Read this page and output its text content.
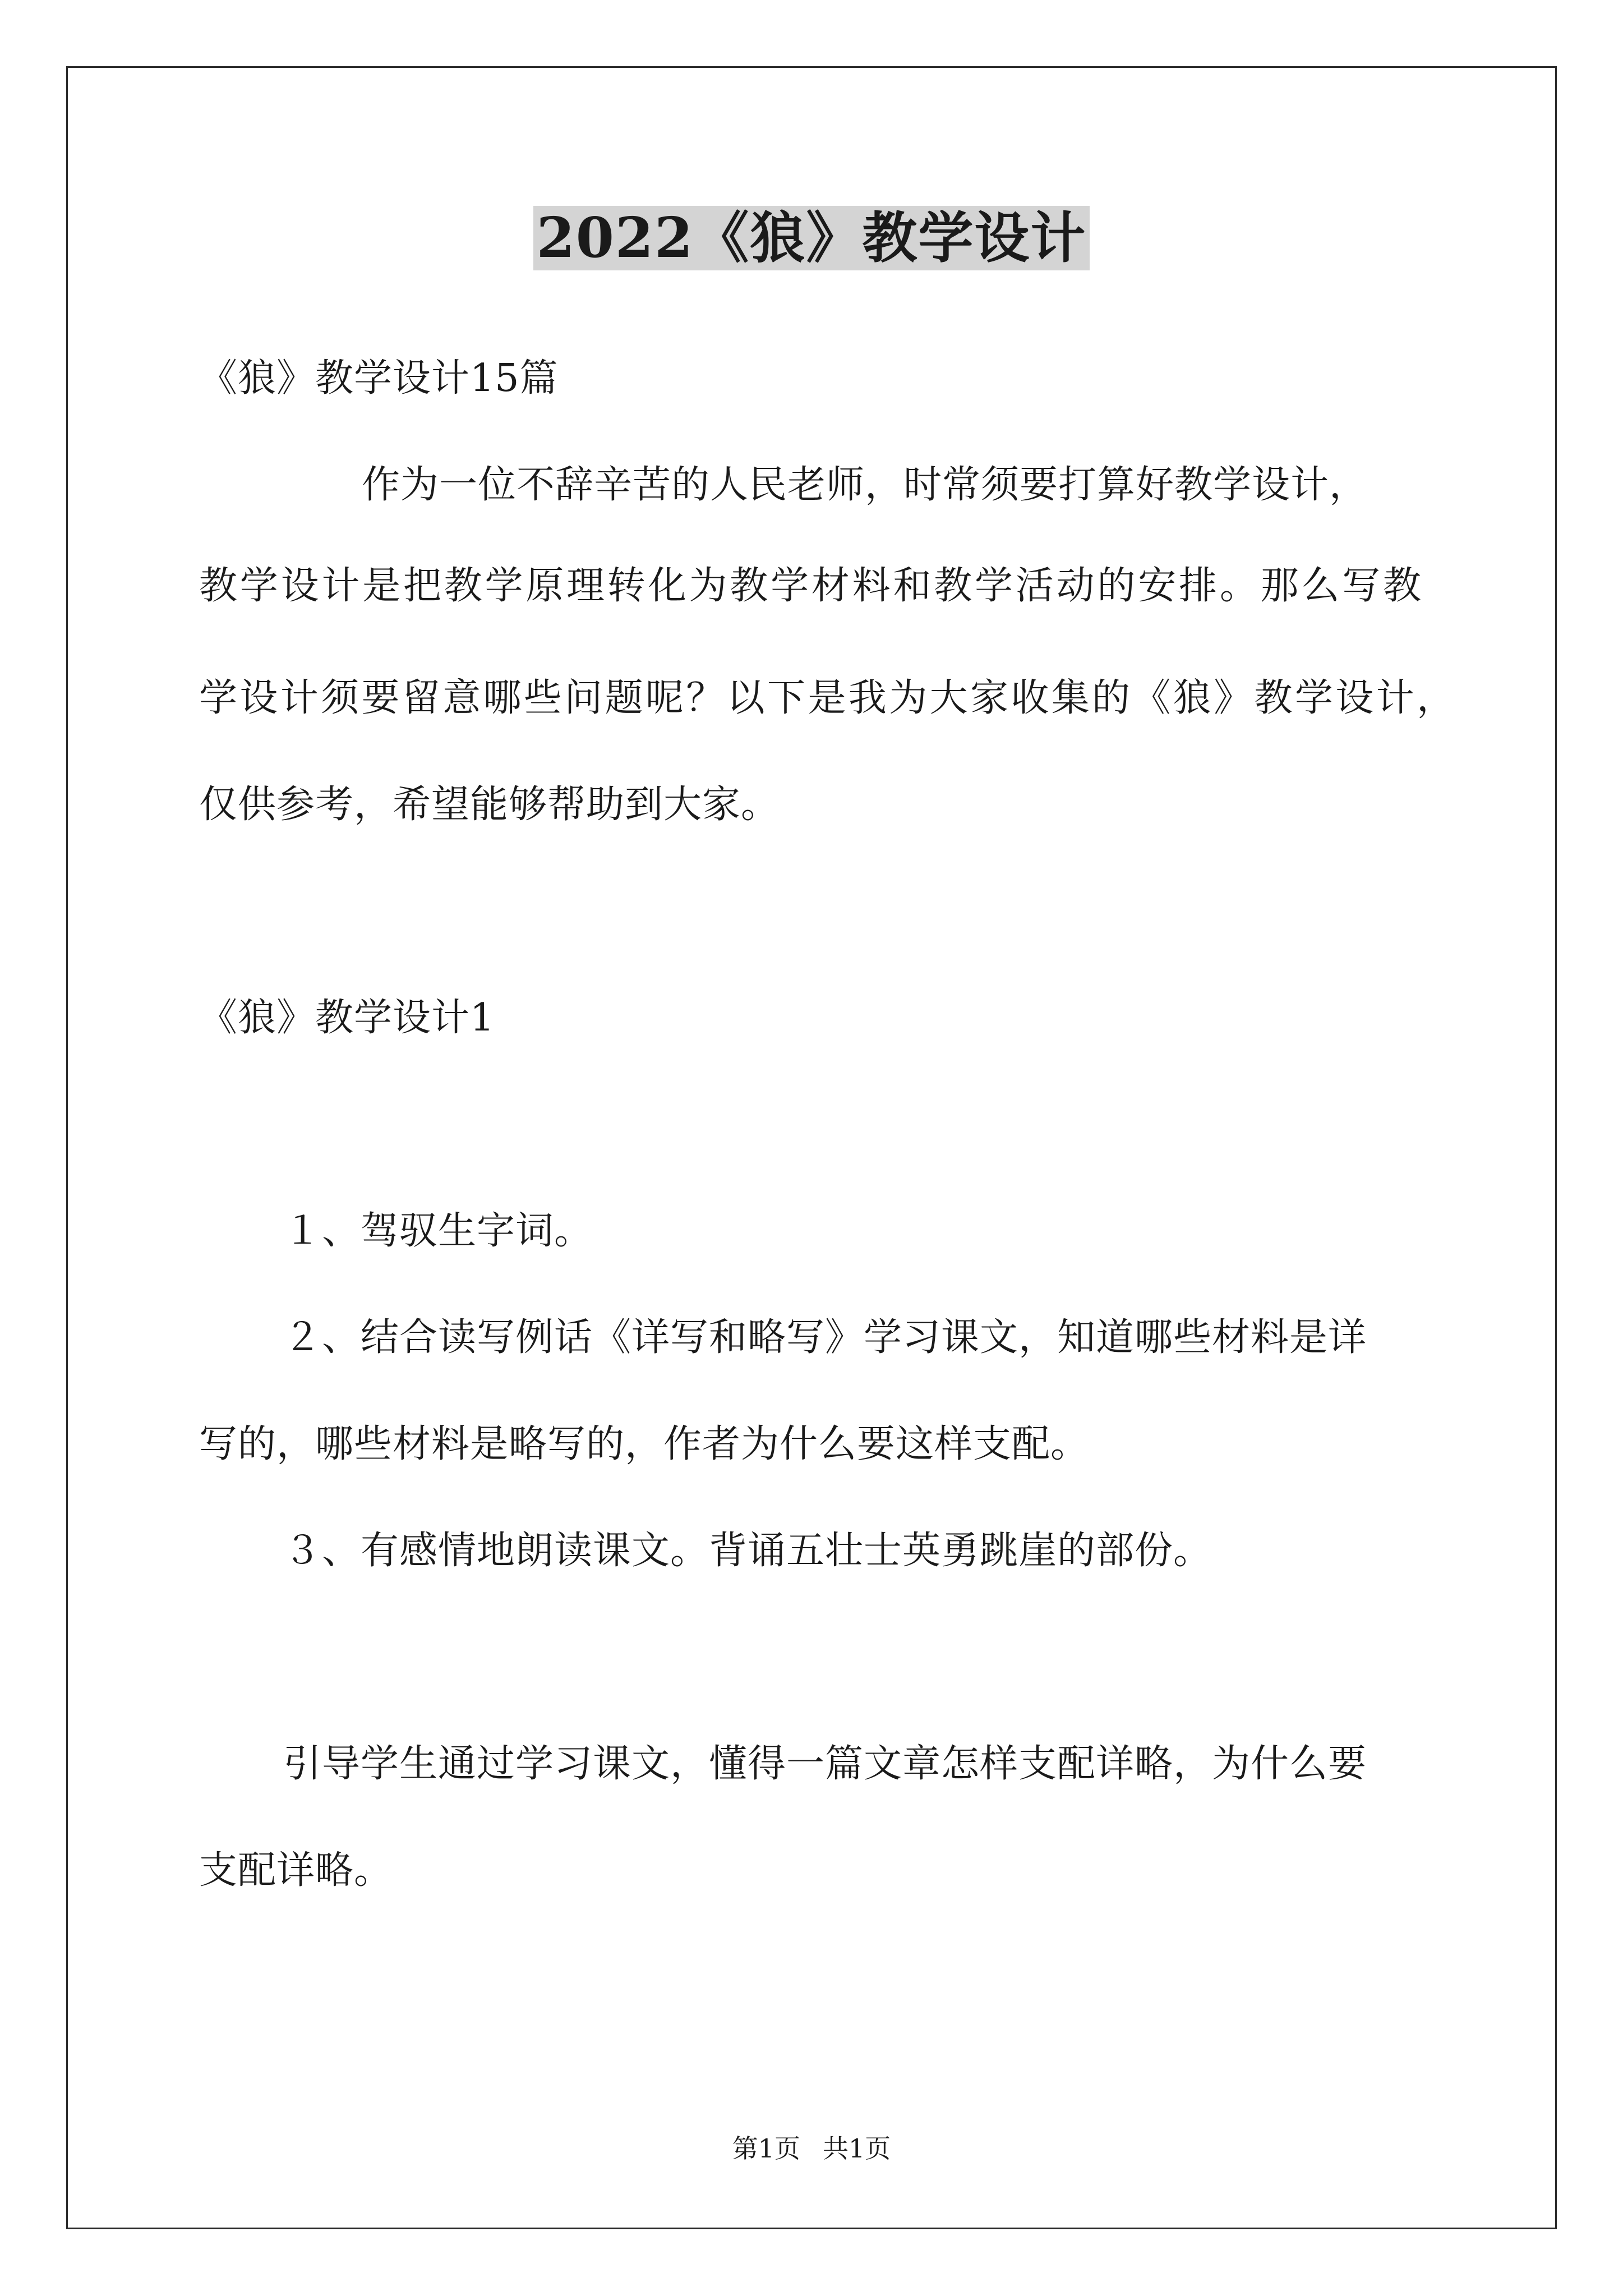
2022《狼》教学设计
《狼》教学设计15篇
作为一位不辞辛苦的人民老师，时常须要打算好教学设计，
教学设计是把教学原理转化为教学材料和教学活动的安排。那么写教
学设计须要留意哪些问题呢？以下是我为大家收集的《狼》教学设计，
仅供参考，希望能够帮助到大家。
《狼》教学设计1
１、驾驭生字词。
２、结合读写例话《详写和略写》学习课文，知道哪些材料是详
写的，哪些材料是略写的，作者为什么要这样支配。
３、有感情地朗读课文。背诵五壮士英勇跳崖的部份。
引导学生通过学习课文，懂得一篇文章怎样支配详略，为什么要
支配详略。
第1页 共1页
